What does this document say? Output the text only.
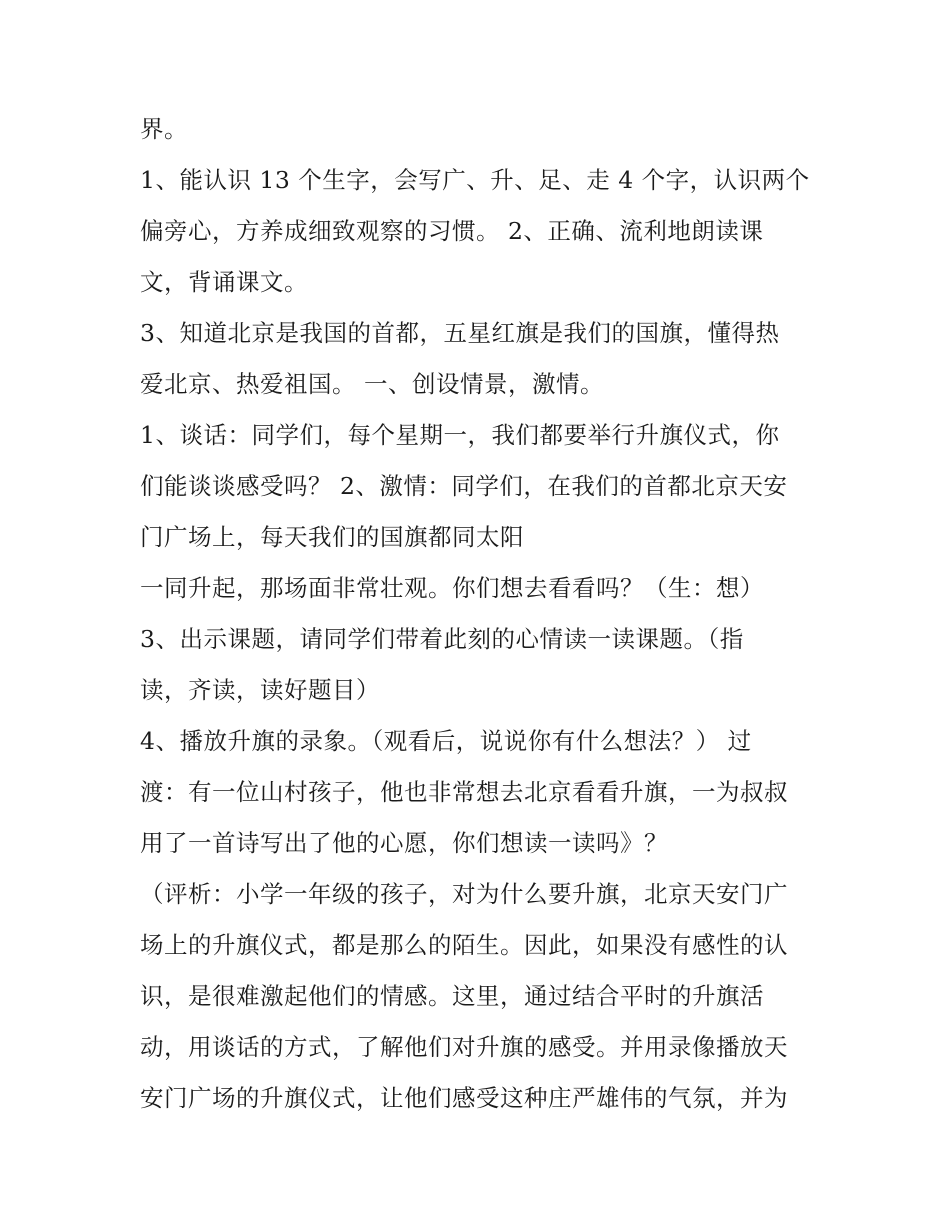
界。
1、能认识 13 个生字，会写广、升、足、走 4 个字，认识两个
偏旁心，方养成细致观察的习惯。 2、正确、流利地朗读课
文，背诵课文。
3、知道北京是我国的首都，五星红旗是我们的国旗，懂得热
爱北京、热爱祖国。 一、创设情景，激情。
1、谈话：同学们，每个星期一，我们都要举行升旗仪式，你
们能谈谈感受吗？ 2、激情：同学们，在我们的首都北京天安
门广场上，每天我们的国旗都同太阳
一同升起，那场面非常壮观。你们想去看看吗？（生：想）
3、出示课题，请同学们带着此刻的心情读一读课题。（指
读，齐读，读好题目）
4、播放升旗的录象。（观看后，说说你有什么想法？） 过
渡：有一位山村孩子，他也非常想去北京看看升旗，一为叔叔
用了一首诗写出了他的心愿，你们想读一读吗》？
（评析：小学一年级的孩子，对为什么要升旗，北京天安门广
场上的升旗仪式，都是那么的陌生。因此，如果没有感性的认
识，是很难激起他们的情感。这里，通过结合平时的升旗活
动，用谈话的方式，了解他们对升旗的感受。并用录像播放天
安门广场的升旗仪式，让他们感受这种庄严雄伟的气氛，并为
